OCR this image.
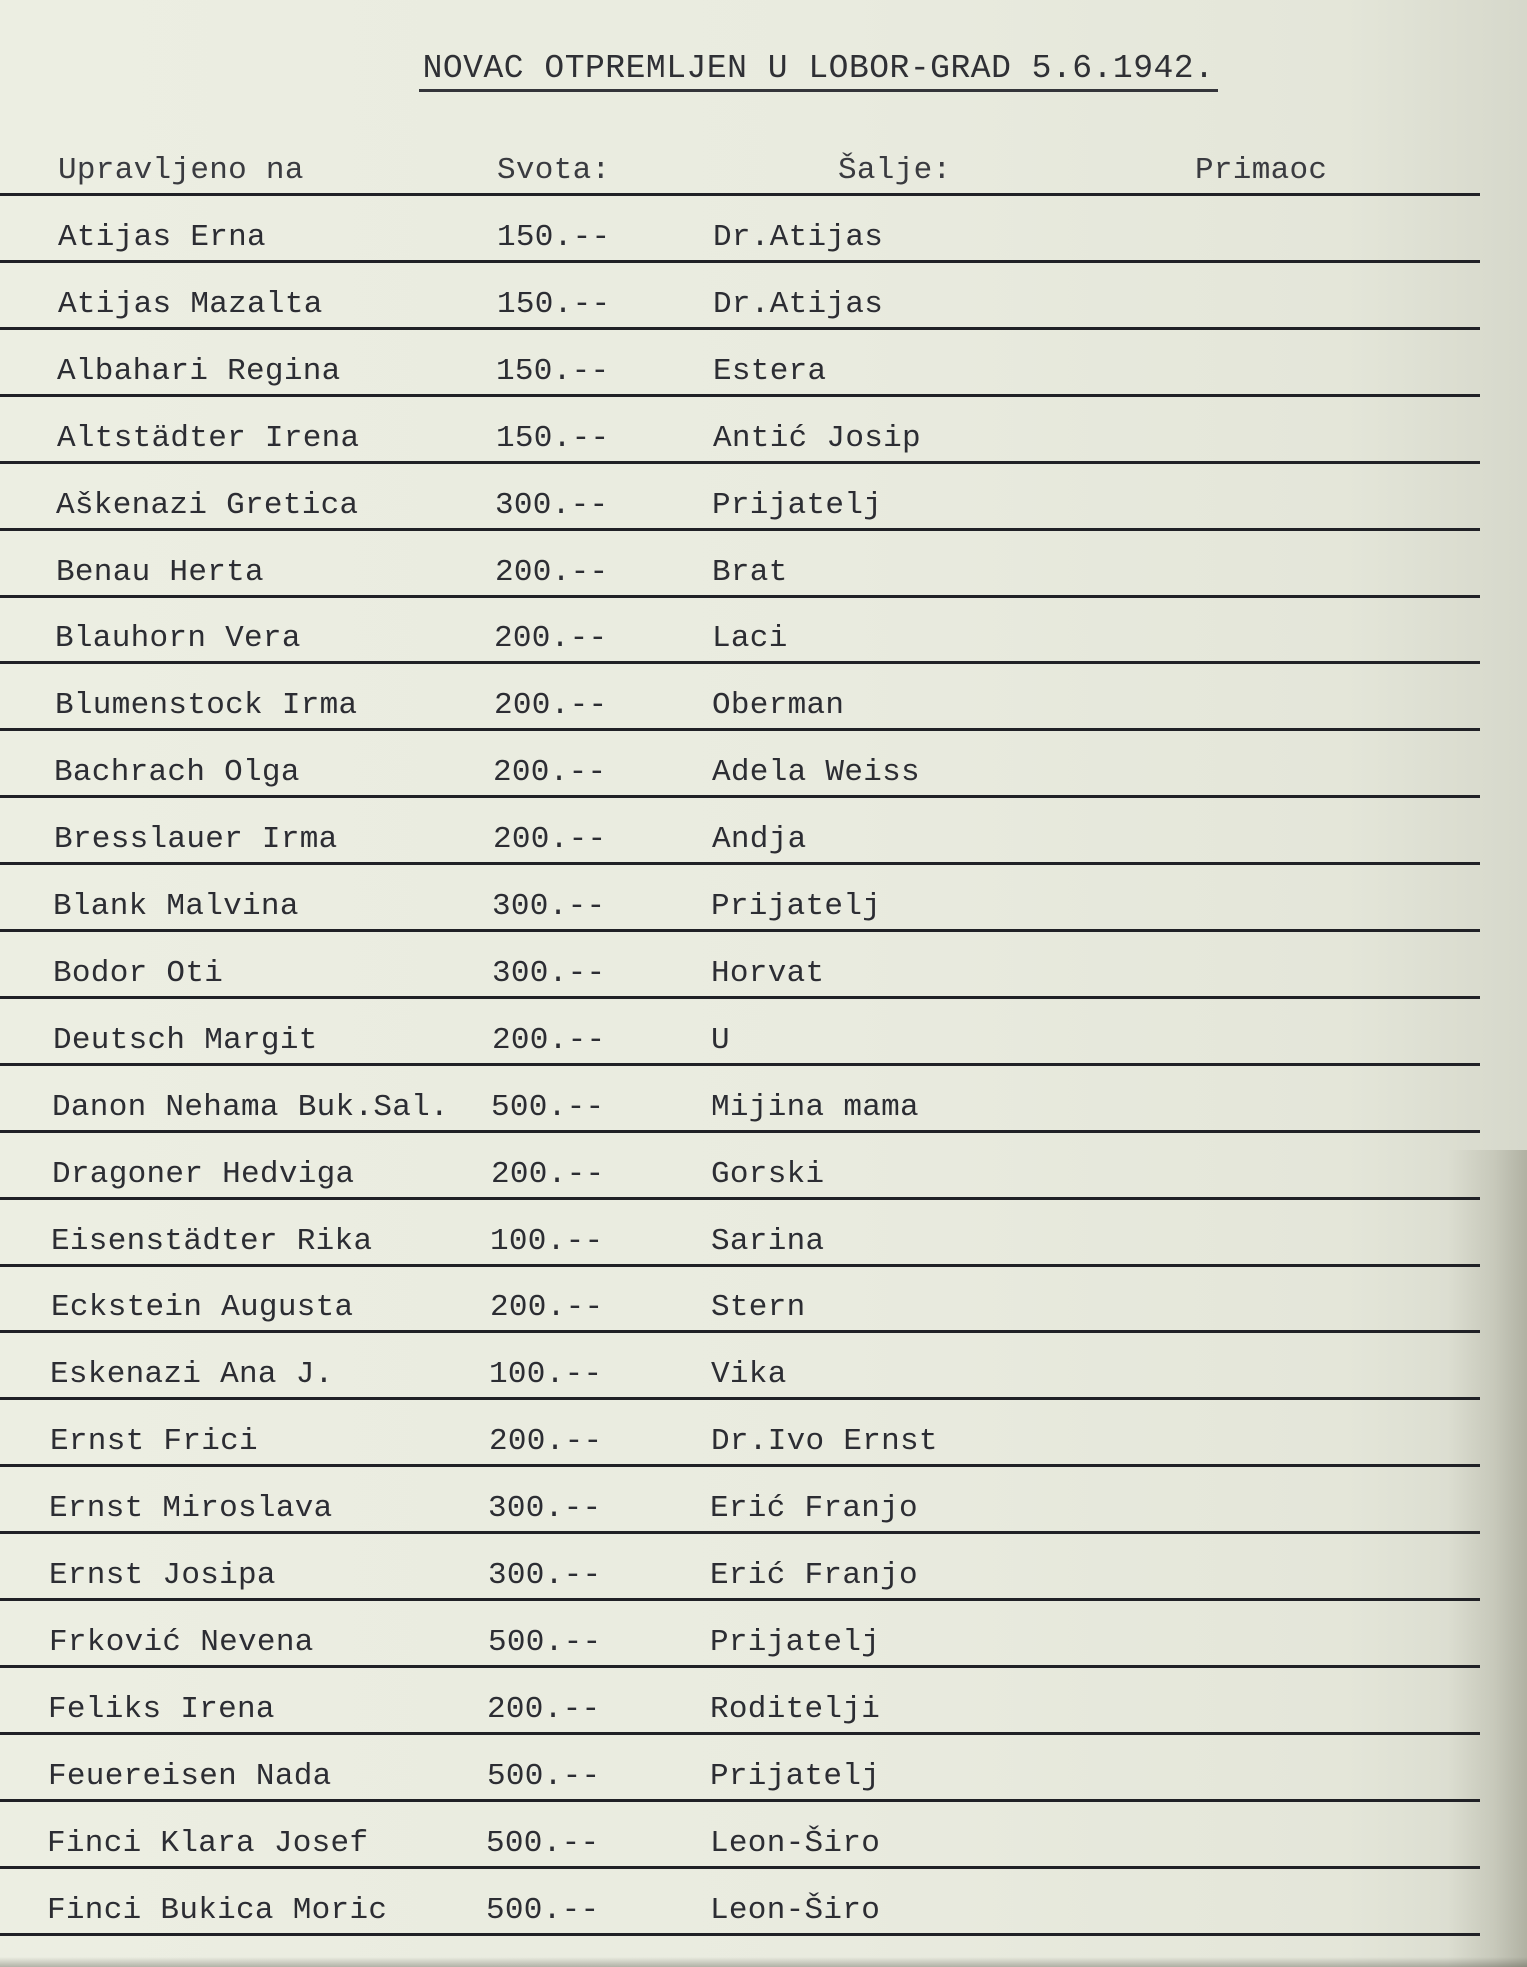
NOVAC OTPREMLJEN U LOBOR-GRAD 5.6.1942.
Upravljeno na	Svota:	Šalje:	Primaoc
Atijas Erna	150.--	Dr.Atijas
Atijas Mazalta	150.--	Dr.Atijas
Albahari Regina	150.--	Estera
Altstädter Irena	150.--	Antić Josip
Aškenazi Gretica	300.--	Prijatelj
Benau Herta	200.--	Brat
Blauhorn Vera	200.--	Laci
Blumenstock Irma	200.--	Oberman
Bachrach Olga	200.--	Adela Weiss
Bresslauer Irma	200.--	Andja
Blank Malvina	300.--	Prijatelj
Bodor Oti	300.--	Horvat
Deutsch Margit	200.--	U
Danon Nehama Buk.Sal. 500.--	Mijina mama
Dragoner Hedviga	200.--	Gorski
Eisenstädter Rika	100.--	Sarina
Eckstein Augusta	200.--	Stern
Eskenazi Ana J.	100.--	Vika
Ernst Frici	200.--	Dr.Ivo Ernst
Ernst Miroslava	300.--	Erić Franjo
Ernst Josipa	300.--	Erić Franjo
Frković Nevena	500.--	Prijatelj
Feliks Irena	200.--	Roditelji
Feuereisen Nada	500.--	Prijatelj
Finci Klara Josef	500.--	Leon-Širo
Finci Bukica Moric	500.--	Leon-Širo
